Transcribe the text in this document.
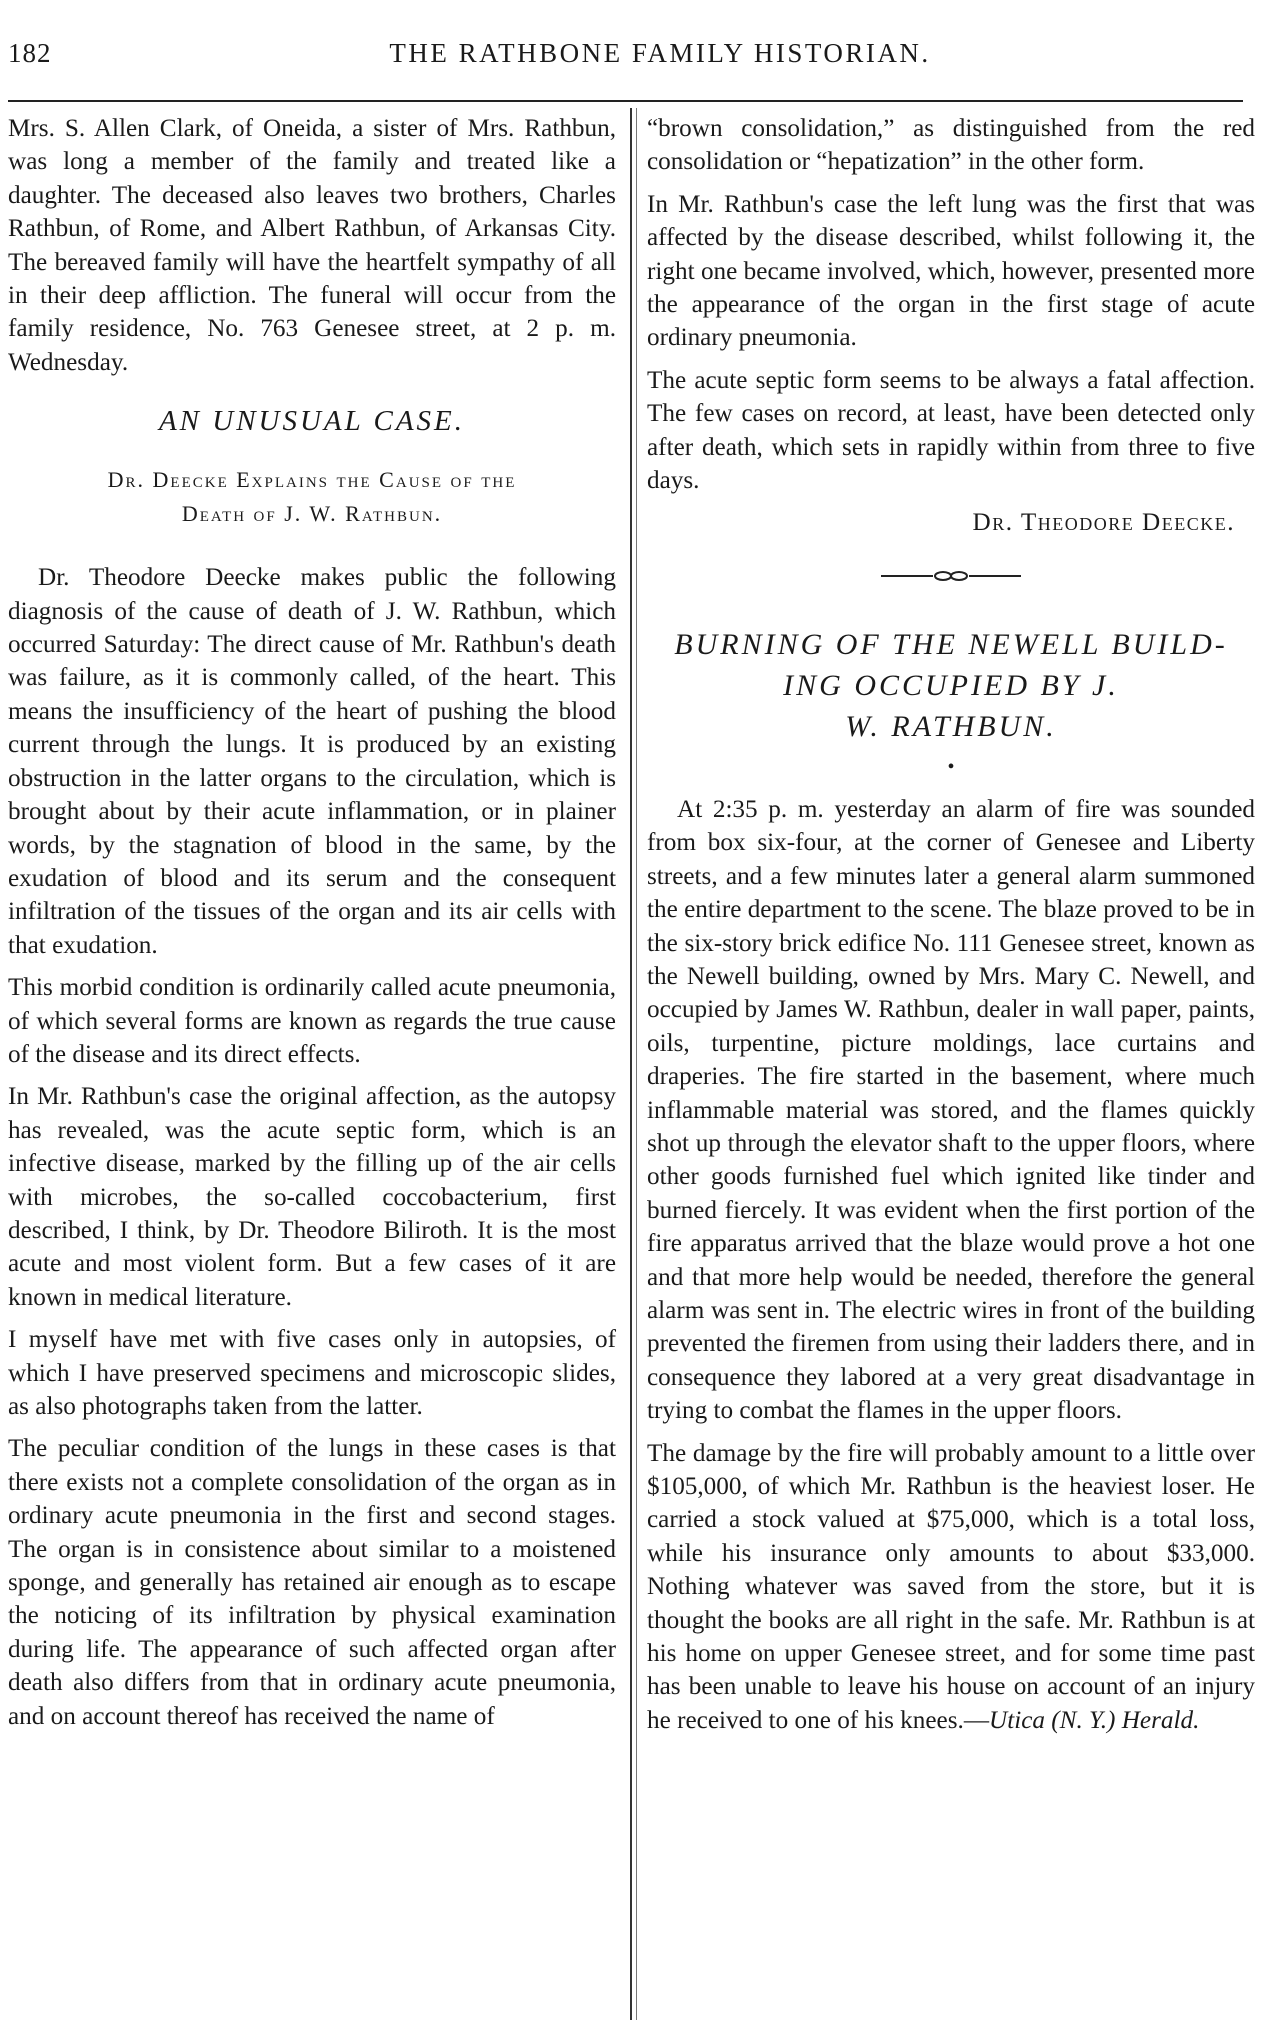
182	THE RATHBONE FAMILY HISTORIAN.

Mrs. S. Allen Clark, of Oneida, a sister of Mrs. Rathbun, was long a member of the family and treated like a daughter. The deceased also leaves two brothers, Charles Rathbun, of Rome, and Albert Rathbun, of Arkansas City. The bereaved family will have the heartfelt sympathy of all in their deep affliction. The funeral will occur from the family residence, No. 763 Genesee street, at 2 p. m. Wednesday.

AN UNUSUAL CASE.
Dr. Deecke Explains the Cause of the
Death of J. W. Rathbun.

Dr. Theodore Deecke makes public the following diagnosis of the cause of death of J. W. Rathbun, which occurred Saturday: The direct cause of Mr. Rathbun's death was failure, as it is commonly called, of the heart. This means the insufficiency of the heart of pushing the blood current through the lungs. It is produced by an existing obstruction in the latter organs to the circulation, which is brought about by their acute inflammation, or in plainer words, by the stagnation of blood in the same, by the exudation of blood and its serum and the consequent infiltration of the tissues of the organ and its air cells with that exudation.

This morbid condition is ordinarily called acute pneumonia, of which several forms are known as regards the true cause of the disease and its direct effects.

In Mr. Rathbun's case the original affection, as the autopsy has revealed, was the acute septic form, which is an infective disease, marked by the filling up of the air cells with microbes, the so-called coccobacterium, first described, I think, by Dr. Theodore Bilirоth. It is the most acute and most violent form. But a few cases of it are known in medical literature.

I myself have met with five cases only in autopsies, of which I have preserved specimens and microscopic slides, as also photographs taken from the latter.

The peculiar condition of the lungs in these cases is that there exists not a complete consolidation of the organ as in ordinary acute pneumonia in the first and second stages. The organ is in consistence about similar to a moistened sponge, and generally has retained air enough as to escape the noticing of its infiltration by physical examination during life. The appearance of such affected organ after death also differs from that in ordinary acute pneumonia, and on account thereof has received the name of

“brown consolidation,” as distinguished from the red consolidation or “hepatization” in the other form.

In Mr. Rathbun's case the left lung was the first that was affected by the disease described, whilst following it, the right one became involved, which, however, presented more the appearance of the organ in the first stage of acute ordinary pneumonia.

The acute septic form seems to be always a fatal affection. The few cases on record, at least, have been detected only after death, which sets in rapidly within from three to five days.

Dr. Theodore Deecke.
BURNING OF THE NEWELL BUILD-
ING OCCUPIED BY J.
W. RATHBUN.
•

At 2:35 p. m. yesterday an alarm of fire was sounded from box six-four, at the corner of Genesee and Liberty streets, and a few minutes later a general alarm summoned the entire department to the scene. The blaze proved to be in the six-story brick edifice No. 111 Genesee street, known as the Newell building, owned by Mrs. Mary C. Newell, and occupied by James W. Rathbun, dealer in wall paper, paints, oils, turpentine, picture moldings, lace curtains and draperies. The fire started in the basement, where much inflammable material was stored, and the flames quickly shot up through the elevator shaft to the upper floors, where other goods furnished fuel which ignited like tinder and burned fiercely. It was evident when the first portion of the fire apparatus arrived that the blaze would prove a hot one and that more help would be needed, therefore the general alarm was sent in. The electric wires in front of the building prevented the firemen from using their ladders there, and in consequence they labored at a very great disadvantage in trying to combat the flames in the upper floors.

The damage by the fire will probably amount to a little over $105,000, of which Mr. Rathbun is the heaviest loser. He carried a stock valued at $75,000, which is a total loss, while his insurance only amounts to about $33,000. Nothing whatever was saved from the store, but it is thought the books are all right in the safe. Mr. Rathbun is at his home on upper Genesee street, and for some time past has been unable to leave his house on account of an injury he received to one of his knees.—Utica (N. Y.) Herald.
